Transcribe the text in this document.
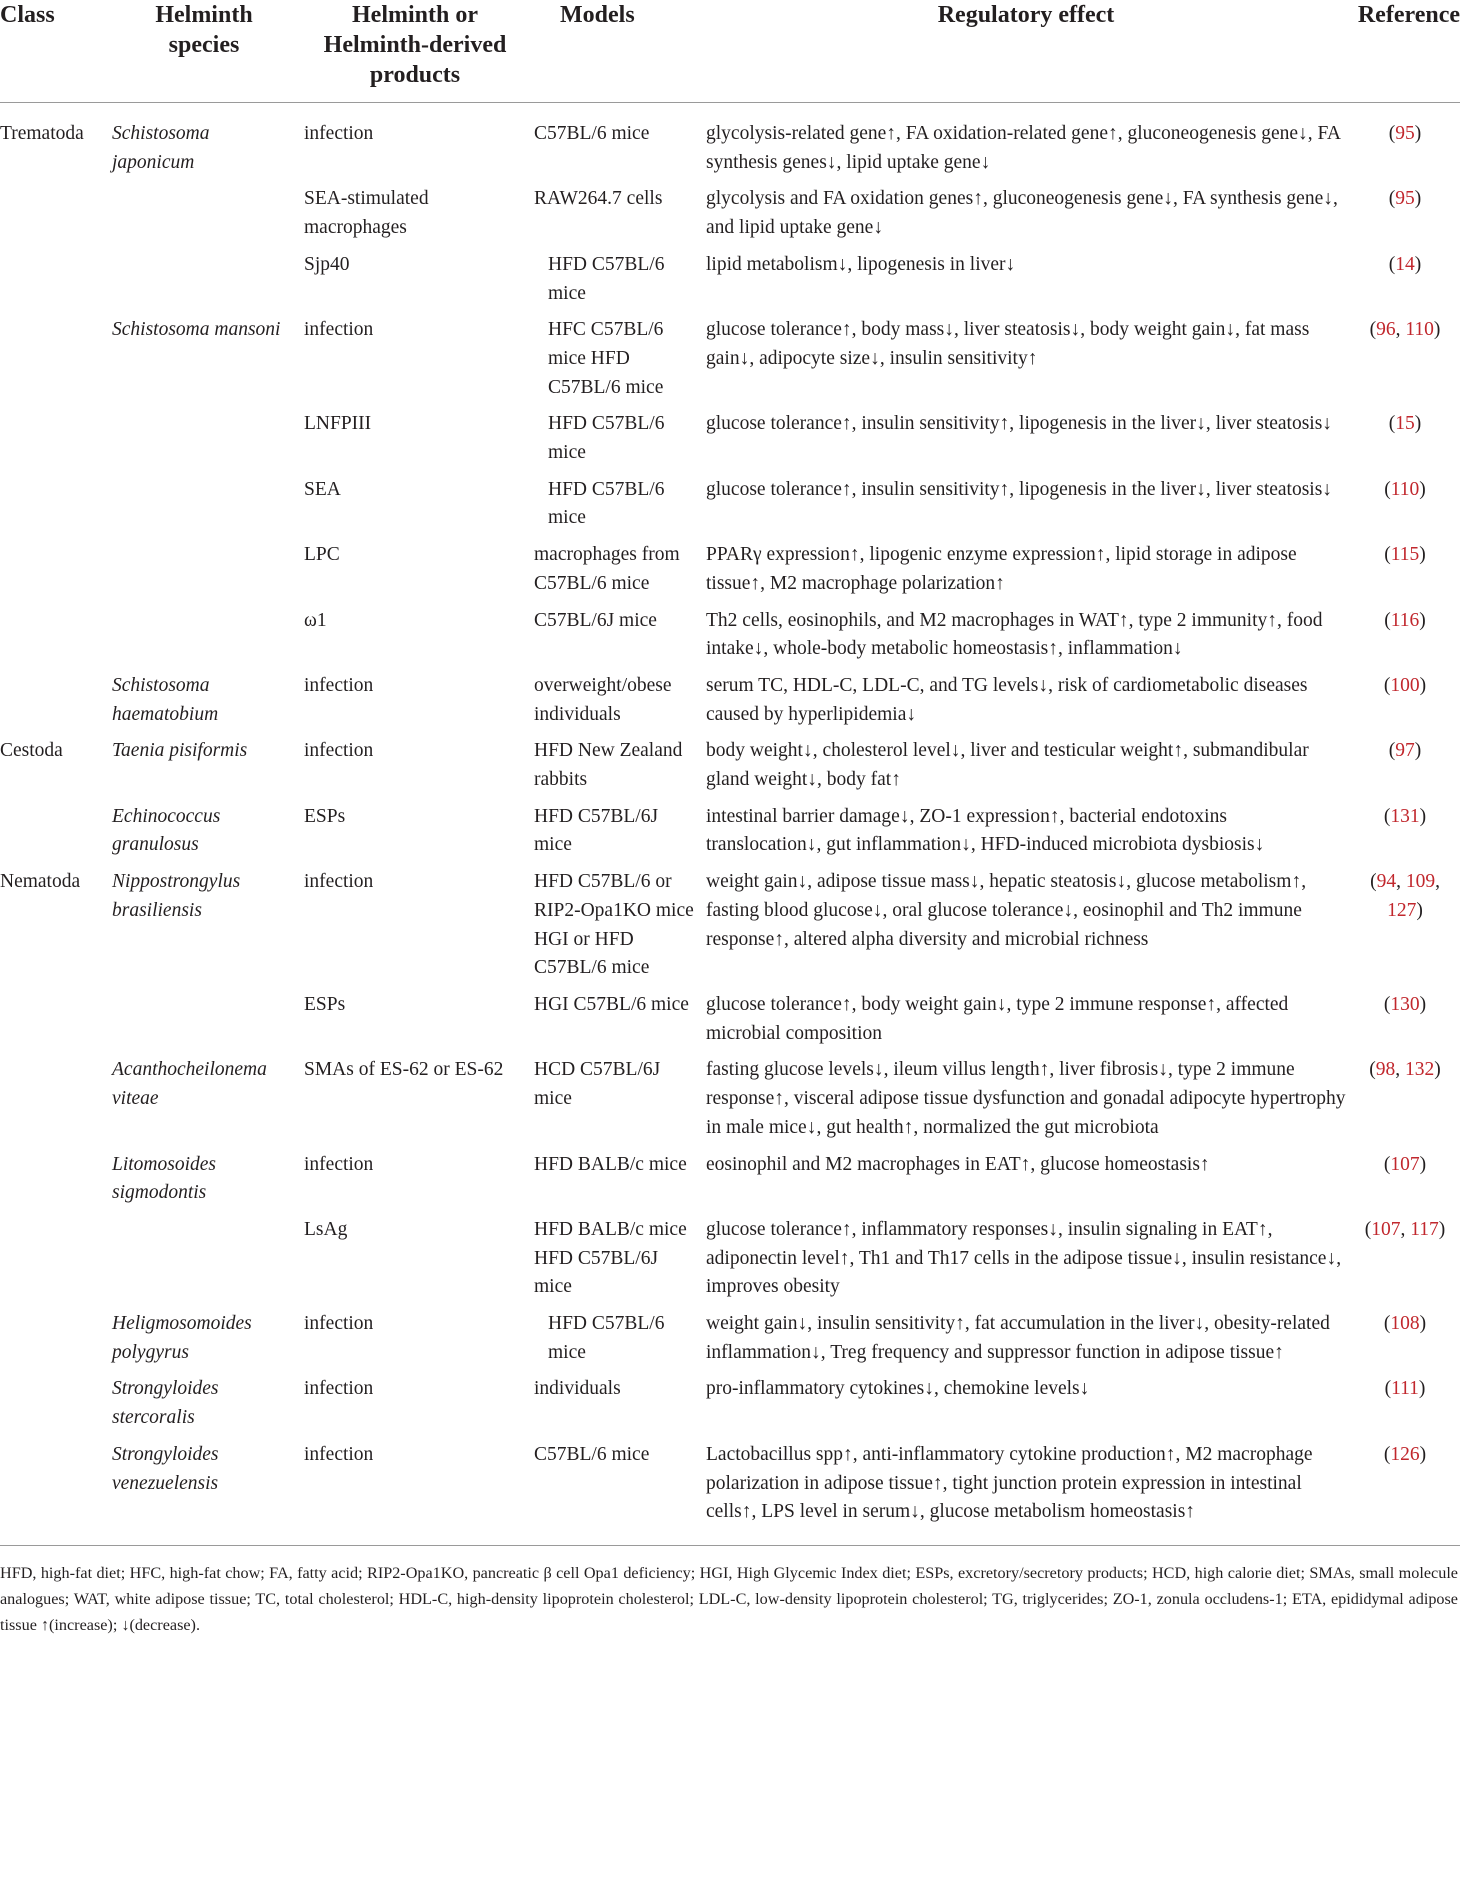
Class	Helminth species	Helminth or Helminth-derived products	Models	Regulatory effect	Reference
Trematoda	Schistosoma japonicum	infection	C57BL/6 mice	glycolysis-related gene↑, FA oxidation-related gene↑, gluconeogenesis gene↓, FA synthesis genes↓, lipid uptake gene↓	(95)
		SEA-stimulated macrophages	RAW264.7 cells	glycolysis and FA oxidation genes↑, gluconeogenesis gene↓, FA synthesis gene↓, and lipid uptake gene↓	(95)
		Sjp40	HFD C57BL/6 mice	lipid metabolism↓, lipogenesis in liver↓	(14)
	Schistosoma mansoni	infection	HFC C57BL/6 mice HFD C57BL/6 mice	glucose tolerance↑, body mass↓, liver steatosis↓, body weight gain↓, fat mass gain↓, adipocyte size↓, insulin sensitivity↑	(96, 110)
		LNFPIII	HFD C57BL/6 mice	glucose tolerance↑, insulin sensitivity↑, lipogenesis in the liver↓, liver steatosis↓	(15)
		SEA	HFD C57BL/6 mice	glucose tolerance↑, insulin sensitivity↑, lipogenesis in the liver↓, liver steatosis↓	(110)
		LPC	macrophages from C57BL/6 mice	PPARγ expression↑, lipogenic enzyme expression↑, lipid storage in adipose tissue↑, M2 macrophage polarization↑	(115)
		ω1	C57BL/6J mice	Th2 cells, eosinophils, and M2 macrophages in WAT↑, type 2 immunity↑, food intake↓, whole-body metabolic homeostasis↑, inflammation↓	(116)
	Schistosoma haematobium	infection	overweight/obese individuals	serum TC, HDL-C, LDL-C, and TG levels↓, risk of cardiometabolic diseases caused by hyperlipidemia↓	(100)
Cestoda	Taenia pisiformis	infection	HFD New Zealand rabbits	body weight↓, cholesterol level↓, liver and testicular weight↑, submandibular gland weight↓, body fat↑	(97)
	Echinococcus granulosus	ESPs	HFD C57BL/6J mice	intestinal barrier damage↓, ZO-1 expression↑, bacterial endotoxins translocation↓, gut inflammation↓, HFD-induced microbiota dysbiosis↓	(131)
Nematoda	Nippostrongylus brasiliensis	infection	HFD C57BL/6 or RIP2-Opa1KO mice HGI or HFD C57BL/6 mice	weight gain↓, adipose tissue mass↓, hepatic steatosis↓, glucose metabolism↑, fasting blood glucose↓, oral glucose tolerance↓, eosinophil and Th2 immune response↑, altered alpha diversity and microbial richness	(94, 109, 127)
		ESPs	HGI C57BL/6 mice	glucose tolerance↑, body weight gain↓, type 2 immune response↑, affected microbial composition	(130)
	Acanthocheilonema viteae	SMAs of ES-62 or ES-62	HCD C57BL/6J mice	fasting glucose levels↓, ileum villus length↑, liver fibrosis↓, type 2 immune response↑, visceral adipose tissue dysfunction and gonadal adipocyte hypertrophy in male mice↓, gut health↑, normalized the gut microbiota	(98, 132)
	Litomosoides sigmodontis	infection	HFD BALB/c mice	eosinophil and M2 macrophages in EAT↑, glucose homeostasis↑	(107)
		LsAg	HFD BALB/c mice HFD C57BL/6J mice	glucose tolerance↑, inflammatory responses↓, insulin signaling in EAT↑, adiponectin level↑, Th1 and Th17 cells in the adipose tissue↓, insulin resistance↓, improves obesity	(107, 117)
	Heligmosomoides polygyrus	infection	HFD C57BL/6 mice	weight gain↓, insulin sensitivity↑, fat accumulation in the liver↓, obesity-related inflammation↓, Treg frequency and suppressor function in adipose tissue↑	(108)
	Strongyloides stercoralis	infection	individuals	pro-inflammatory cytokines↓, chemokine levels↓	(111)
	Strongyloides venezuelensis	infection	C57BL/6 mice	Lactobacillus spp↑, anti-inflammatory cytokine production↑, M2 macrophage polarization in adipose tissue↑, tight junction protein expression in intestinal cells↑, LPS level in serum↓, glucose metabolism homeostasis↑	(126)

HFD, high-fat diet; HFC, high-fat chow; FA, fatty acid; RIP2-Opa1KO, pancreatic β cell Opa1 deficiency; HGI, High Glycemic Index diet; ESPs, excretory/secretory products; HCD, high calorie diet; SMAs, small molecule analogues; WAT, white adipose tissue; TC, total cholesterol; HDL-C, high-density lipoprotein cholesterol; LDL-C, low-density lipoprotein cholesterol; TG, triglycerides; ZO-1, zonula occludens-1; ETA, epididymal adipose tissue ↑(increase); ↓(decrease).
